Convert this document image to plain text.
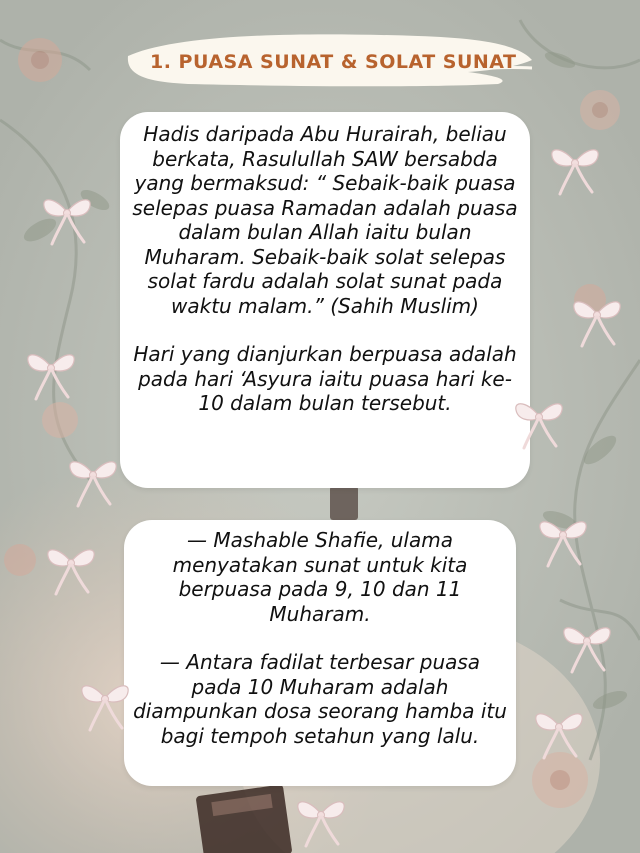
1. PUASA SUNAT & SOLAT SUNAT

Hadis daripada Abu Hurairah, beliau berkata, Rasulullah SAW bersabda yang bermaksud: “ Sebaik-baik puasa selepas puasa Ramadan adalah puasa dalam bulan Allah iaitu bulan Muharam. Sebaik-baik solat selepas solat fardu adalah solat sunat pada waktu malam.” (Sahih Muslim)

Hari yang dianjurkan berpuasa adalah pada hari ‘Asyura iaitu puasa hari ke-10 dalam bulan tersebut.

— Mashable Shafie, ulama menyatakan sunat untuk kita berpuasa pada 9, 10 dan 11 Muharam.

— Antara fadilat terbesar puasa pada 10 Muharam adalah diampunkan dosa seorang hamba itu bagi tempoh setahun yang lalu.
